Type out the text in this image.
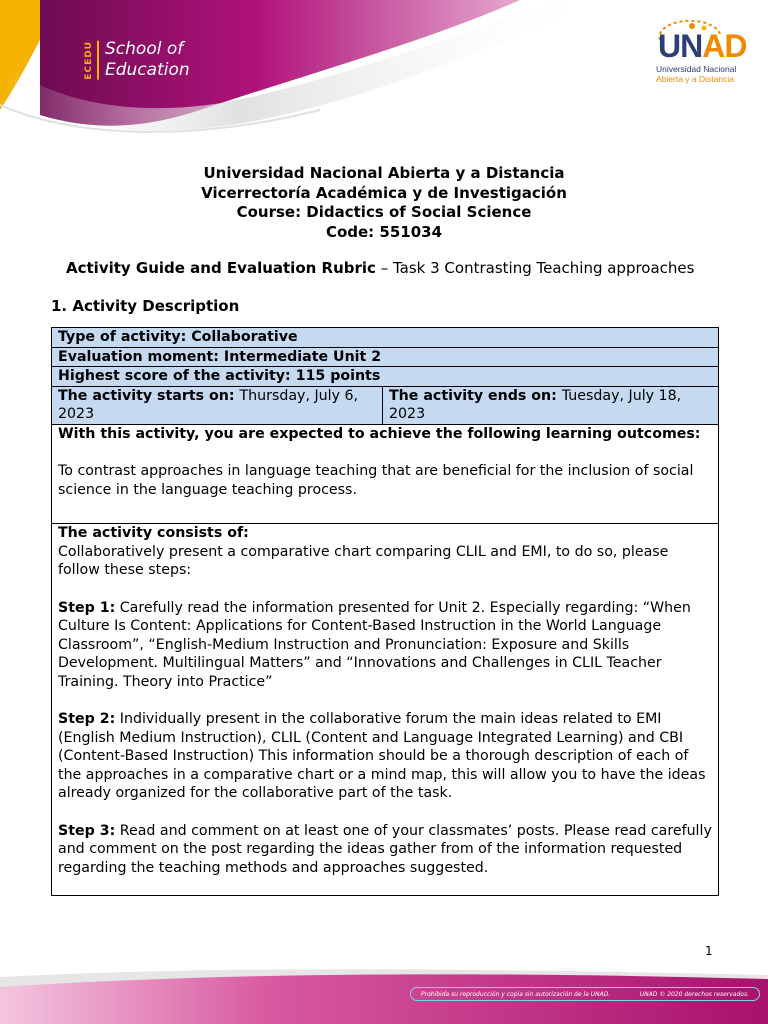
ECEDU School of
Education
UNAD
Universidad Nacional
Abierta y a Distancia
Universidad Nacional Abierta y a Distancia
Vicerrectoría Académica y de Investigación
Course: Didactics of Social Science
Code: 551034
Activity Guide and Evaluation Rubric – Task 3 Contrasting Teaching approaches
1. Activity Description
Type of activity: Collaborative
Evaluation moment: Intermediate Unit 2
Highest score of the activity: 115 points
The activity starts on: Thursday, July 6, 2023	The activity ends on: Tuesday, July 18, 2023

With this activity, you are expected to achieve the following learning outcomes:
To contrast approaches in language teaching that are beneficial for the inclusion of social science in the language teaching process.

The activity consists of:
Collaboratively present a comparative chart comparing CLIL and EMI, to do so, please follow these steps:
Step 1: Carefully read the information presented for Unit 2. Especially regarding: “When Culture Is Content: Applications for Content-Based Instruction in the World Language Classroom”, “English-Medium Instruction and Pronunciation: Exposure and Skills Development. Multilingual Matters” and “Innovations and Challenges in CLIL Teacher Training. Theory into Practice”
Step 2: Individually present in the collaborative forum the main ideas related to EMI (English Medium Instruction), CLIL (Content and Language Integrated Learning) and CBI (Content-Based Instruction) This information should be a thorough description of each of the approaches in a comparative chart or a mind map, this will allow you to have the ideas already organized for the collaborative part of the task.
Step 3: Read and comment on at least one of your classmates’ posts. Please read carefully and comment on the post regarding the ideas gather from of the information requested regarding the teaching methods and approaches suggested.
1
Prohibida su reproducción y copia sin autorización de la UNAD.	UNAD © 2020 derechos reservados.
